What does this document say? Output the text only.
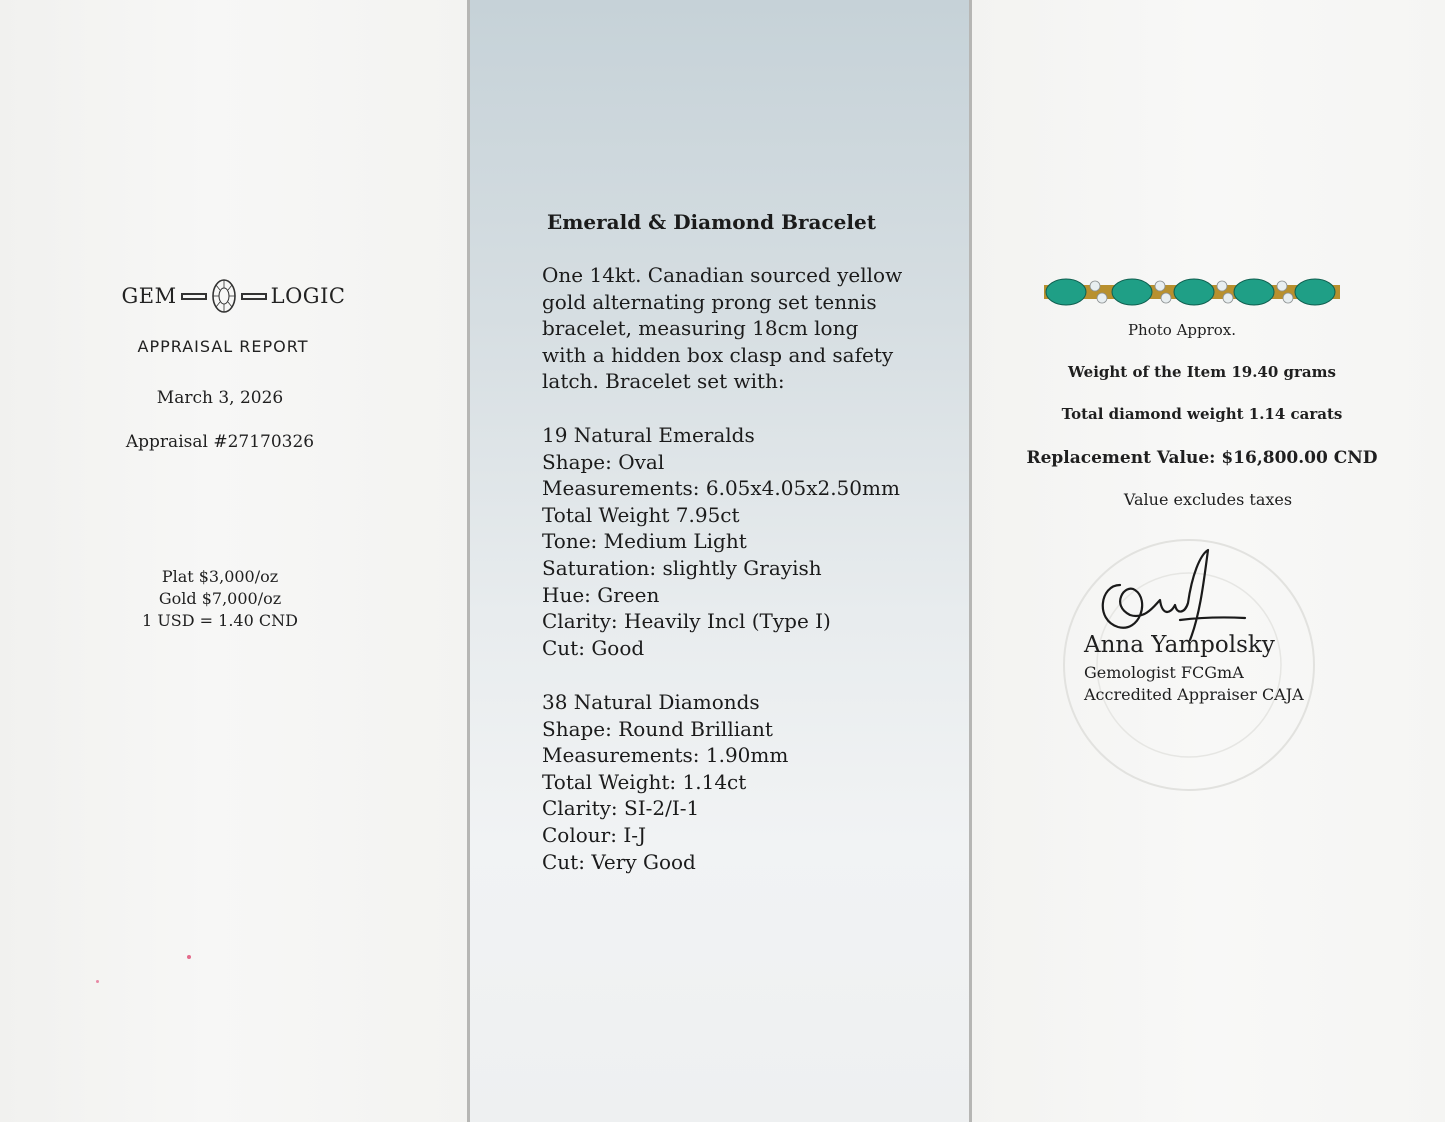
GEM	LOGIC
APPRAISAL REPORT
March 3, 2026
Appraisal #27170326
Plat $3,000/oz
Gold $7,000/oz
1 USD = 1.40 CND
Emerald & Diamond Bracelet
One 14kt. Canadian sourced yellow
gold alternating prong set tennis
bracelet, measuring 18cm long
with a hidden box clasp and safety
latch. Bracelet set with:
19 Natural Emeralds
Shape: Oval
Measurements: 6.05x4.05x2.50mm
Total Weight 7.95ct
Tone: Medium Light
Saturation: slightly Grayish
Hue: Green
Clarity: Heavily Incl (Type I)
Cut: Good
38 Natural Diamonds
Shape: Round Brilliant
Measurements: 1.90mm
Total Weight: 1.14ct
Clarity: SI-2/I-1
Colour: I-J
Cut: Very Good
Photo Approx.
Weight of the Item 19.40 grams
Total diamond weight 1.14 carats
Replacement Value: $16,800.00 CND
Value excludes taxes
Anna Yampolsky
Gemologist FCGmA
Accredited Appraiser CAJA
